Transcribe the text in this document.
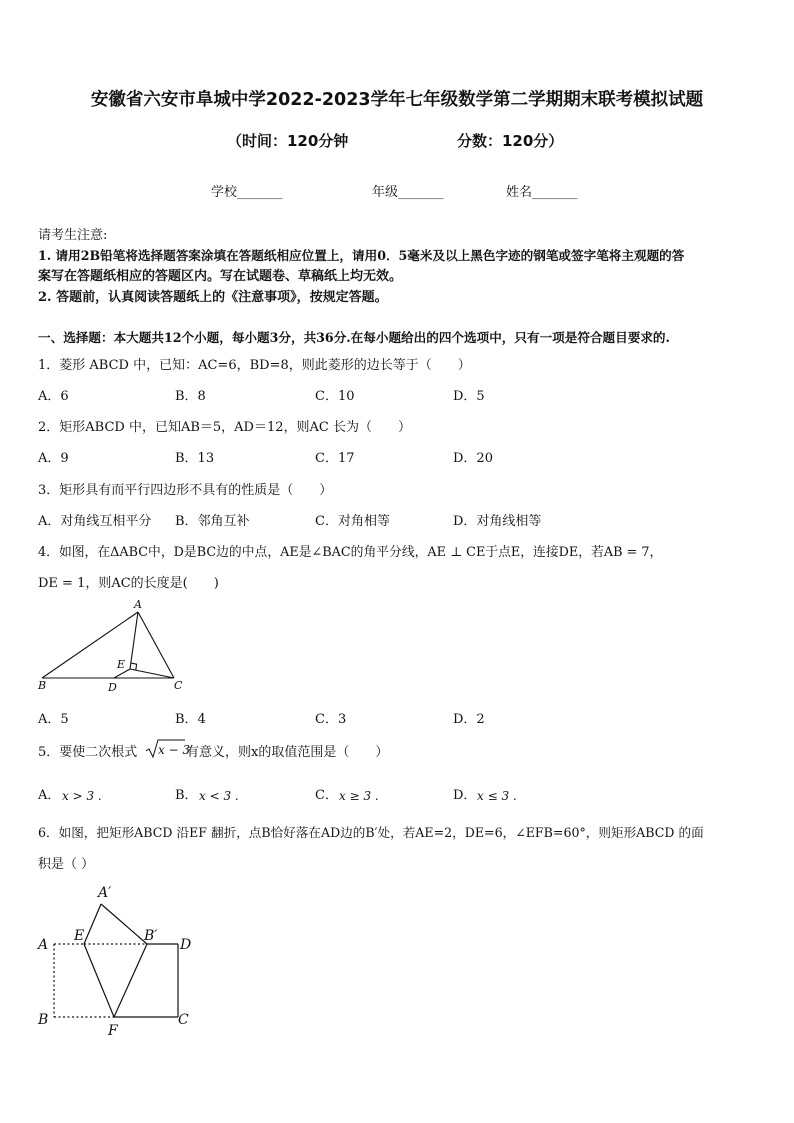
安徽省六安市阜城中学2022-2023学年七年级数学第二学期期末联考模拟试题
（时间：120分钟	分数：120分）
学校_______	年级_______	姓名_______
请考生注意:
1. 请用2B铅笔将选择题答案涂填在答题纸相应位置上，请用0．5毫米及以上黑色字迹的钢笔或签字笔将主观题的答
案写在答题纸相应的答题区内。写在试题卷、草稿纸上均无效。
2. 答题前，认真阅读答题纸上的《注意事项》，按规定答题。
一、选择题：本大题共12个小题，每小题3分，共36分.在每小题给出的四个选项中，只有一项是符合题目要求的.
1．菱形 ABCD 中，已知：AC=6，BD=8，则此菱形的边长等于（　　）
A．6	B．8	C．10	D．5
2．矩形ABCD 中，已知AB＝5，AD＝12，则AC 长为（　　）
A．9	B．13	C．17	D．20
3．矩形具有而平行四边形不具有的性质是（　　）
A．对角线互相平分 B．邻角互补	C．对角相等	D．对角线相等
4．如图，在ΔABC中，D是BC边的中点，AE是∠BAC的角平分线，AE ⊥ CE于点E，连接DE，若AB = 7，
DE = 1，则AC的长度是(　　)
A
B	C
D
E
A．5	B．4	C．3	D．2
5．要使二次根式 x − 3
有意义，则x的取值范围是（　　）
A． x > 3 .	B． x < 3 .	C． x ≥ 3 .	D． x ≤ 3 .
6．如图，把矩形ABCD 沿EF 翻折，点B恰好落在AD边的B′处，若AE=2，DE=6，∠EFB=60°，则矩形ABCD 的面
积是（ ）
A
A′
B
B′
C
D
E
F
